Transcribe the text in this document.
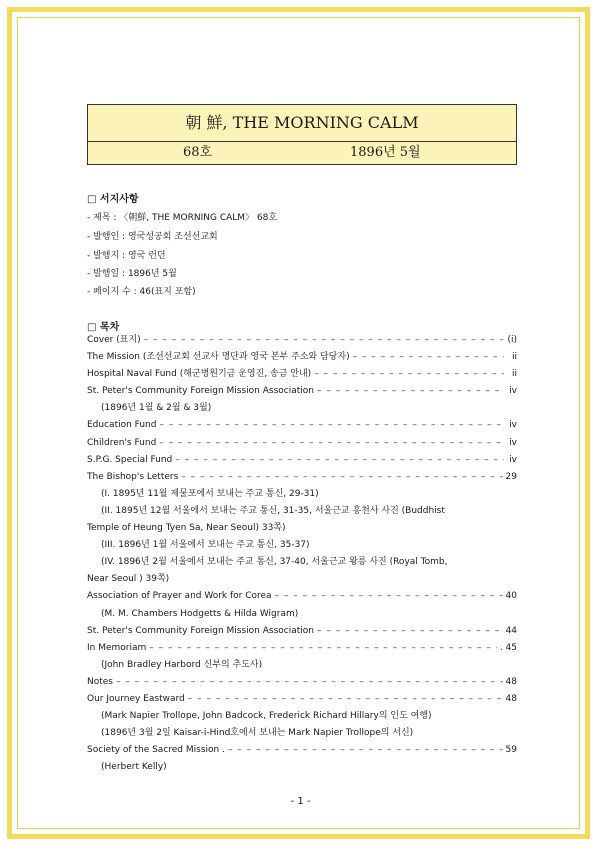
朝 鮮, THE MORNING CALM
68호	1896년 5월
□ 서지사항
- 제목 : 〈朝鮮, THE MORNING CALM〉 68호
- 발행인 : 영국성공회 조선선교회
- 발행지 : 영국 런던
- 발행일 : 1896년 5월
- 페이지 수 : 46(표지 포함)
□ 목차
Cover (표지) – – –	(i)
The Mission (조선선교회 선교사 명단과 영국 본부 주소와 담당자) – – –	ii
Hospital Naval Fund (해군병원기금 운영진, 송금 안내) – – –	ii
St. Peter's Community Foreign Mission Association – – –	iv
(1896년 1월 & 2월 & 3월)
Education Fund – – –	iv
Children's Fund – – –	iv
S.P.G. Special Fund – – –	iv
The Bishop's Letters – – –	29
(I. 1895년 11월 제물포에서 보내는 주교 통신, 29-31)
(II. 1895년 12월 서울에서 보내는 주교 통신, 31-35, 서울근교 흥천사 사진 (Buddhist
Temple of Heung Tyen Sa, Near Seoul) 33쪽)
(III. 1896년 1월 서울에서 보내는 주교 통신, 35-37)
(IV. 1896년 2월 서울에서 보내는 주교 통신, 37-40, 서울근교 왕릉 사진 (Royal Tomb,
Near Seoul ) 39쪽)
Association of Prayer and Work for Corea – – –	40
(M. M. Chambers Hodgetts & Hilda Wigram)
St. Peter's Community Foreign Mission Association – – –	44
In Memoriam – – –	. 45
(John Bradley Harbord 신부의 추도사)
Notes – – –	48
Our Journey Eastward – – –	48
(Mark Napier Trollope, John Badcock, Frederick Richard Hillary의 인도 여행)
(1896년 3월 2일 Kaisar-i-Hind호에서 보내는 Mark Napier Trollope의 서신)
Society of the Sacred Mission . – – –	59
(Herbert Kelly)
- 1 -
